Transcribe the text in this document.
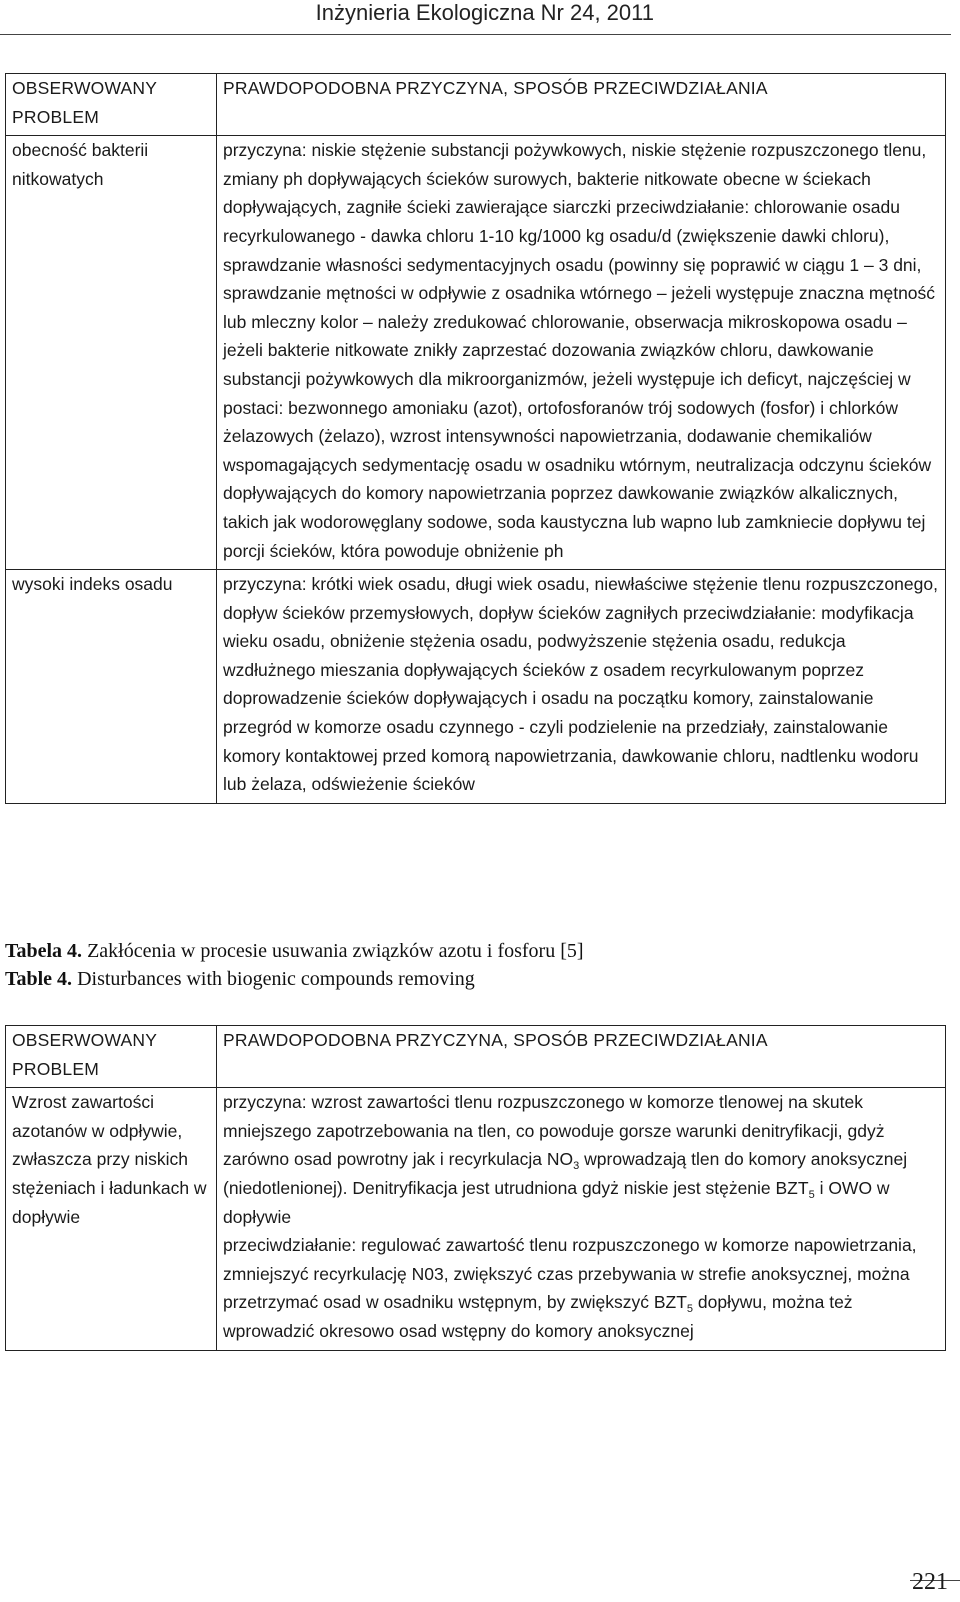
Inżynieria Ekologiczna Nr 24, 2011
OBSERWOWANY PROBLEM	PRAWDOPODOBNA PRZYCZYNA, SPOSÓB PRZECIWDZIAŁANIA
obecność bakterii nitkowatych	przyczyna: niskie stężenie substancji pożywkowych, niskie stężenie rozpuszczonego tlenu, zmiany ph dopływających ścieków surowych, bakterie nitkowate obecne w ściekach dopływających, zagniłe ścieki zawierające siarczki przeciwdziałanie: chlorowanie osadu recyrkulowanego - dawka chloru 1-10 kg/1000 kg osadu/d (zwiększenie dawki chloru), sprawdzanie własności sedymentacyjnych osadu (powinny się poprawić w ciągu 1 – 3 dni, sprawdzanie mętności w odpływie z osadnika wtórnego – jeżeli występuje znaczna mętność lub mleczny kolor – należy zredukować chlorowanie, obserwacja mikroskopowa osadu – jeżeli bakterie nitkowate znikły zaprzestać dozowania związków chloru, dawkowanie substancji pożywkowych dla mikroorganizmów, jeżeli występuje ich deficyt, najczęściej w postaci: bezwonnego amoniaku (azot), ortofosforanów trój sodowych (fosfor) i chlorków żelazowych (żelazo), wzrost intensywności napowietrzania, dodawanie chemikaliów wspomagających sedymentację osadu w osadniku wtórnym, neutralizacja odczynu ścieków dopływających do komory napowietrzania poprzez dawkowanie związków alkalicznych, takich jak wodorowęglany sodowe, soda kaustyczna lub wapno lub zamkniecie dopływu tej porcji ścieków, która powoduje obniżenie ph
wysoki indeks osadu	przyczyna: krótki wiek osadu, długi wiek osadu, niewłaściwe stężenie tlenu rozpuszczonego, dopływ ścieków przemysłowych, dopływ ścieków zagniłych przeciwdziałanie: modyfikacja wieku osadu, obniżenie stężenia osadu, podwyższenie stężenia osadu, redukcja wzdłużnego mieszania dopływających ścieków z osadem recyrkulowanym poprzez doprowadzenie ścieków dopływających i osadu na początku komory, zainstalowanie przegród w komorze osadu czynnego - czyli podzielenie na przedziały, zainstalowanie komory kontaktowej przed komorą napowietrzania, dawkowanie chloru, nadtlenku wodoru lub żelaza, odświeżenie ścieków
Tabela 4. Zakłócenia w procesie usuwania związków azotu i fosforu [5]
Table 4. Disturbances with biogenic compounds removing
OBSERWOWANY PROBLEM	PRAWDOPODOBNA PRZYCZYNA, SPOSÓB PRZECIWDZIAŁANIA
Wzrost zawartości azotanów w odpływie, zwłaszcza przy niskich stężeniach i ładunkach w dopływie	przyczyna: wzrost zawartości tlenu rozpuszczonego w komorze tlenowej na skutek mniejszego zapotrzebowania na tlen, co powoduje gorsze warunki denitryfikacji, gdyż zarówno osad powrotny jak i recyrkulacja $NO_3$ wprowadzają tlen do komory anoksycznej (niedotlenionej). Denitryfikacja jest utrudniona gdyż niskie jest stężenie $BZT_5$ i OWO w dopływie
przeciwdziałanie: regulować zawartość tlenu rozpuszczonego w komorze napowietrzania, zmniejszyć recyrkulację N03, zwiększyć czas przebywania w strefie anoksycznej, można przetrzymać osad w osadniku wstępnym, by zwiększyć $BZT_5$ dopływu, można też wprowadzić okresowo osad wstępny do komory anoksycznej
221
